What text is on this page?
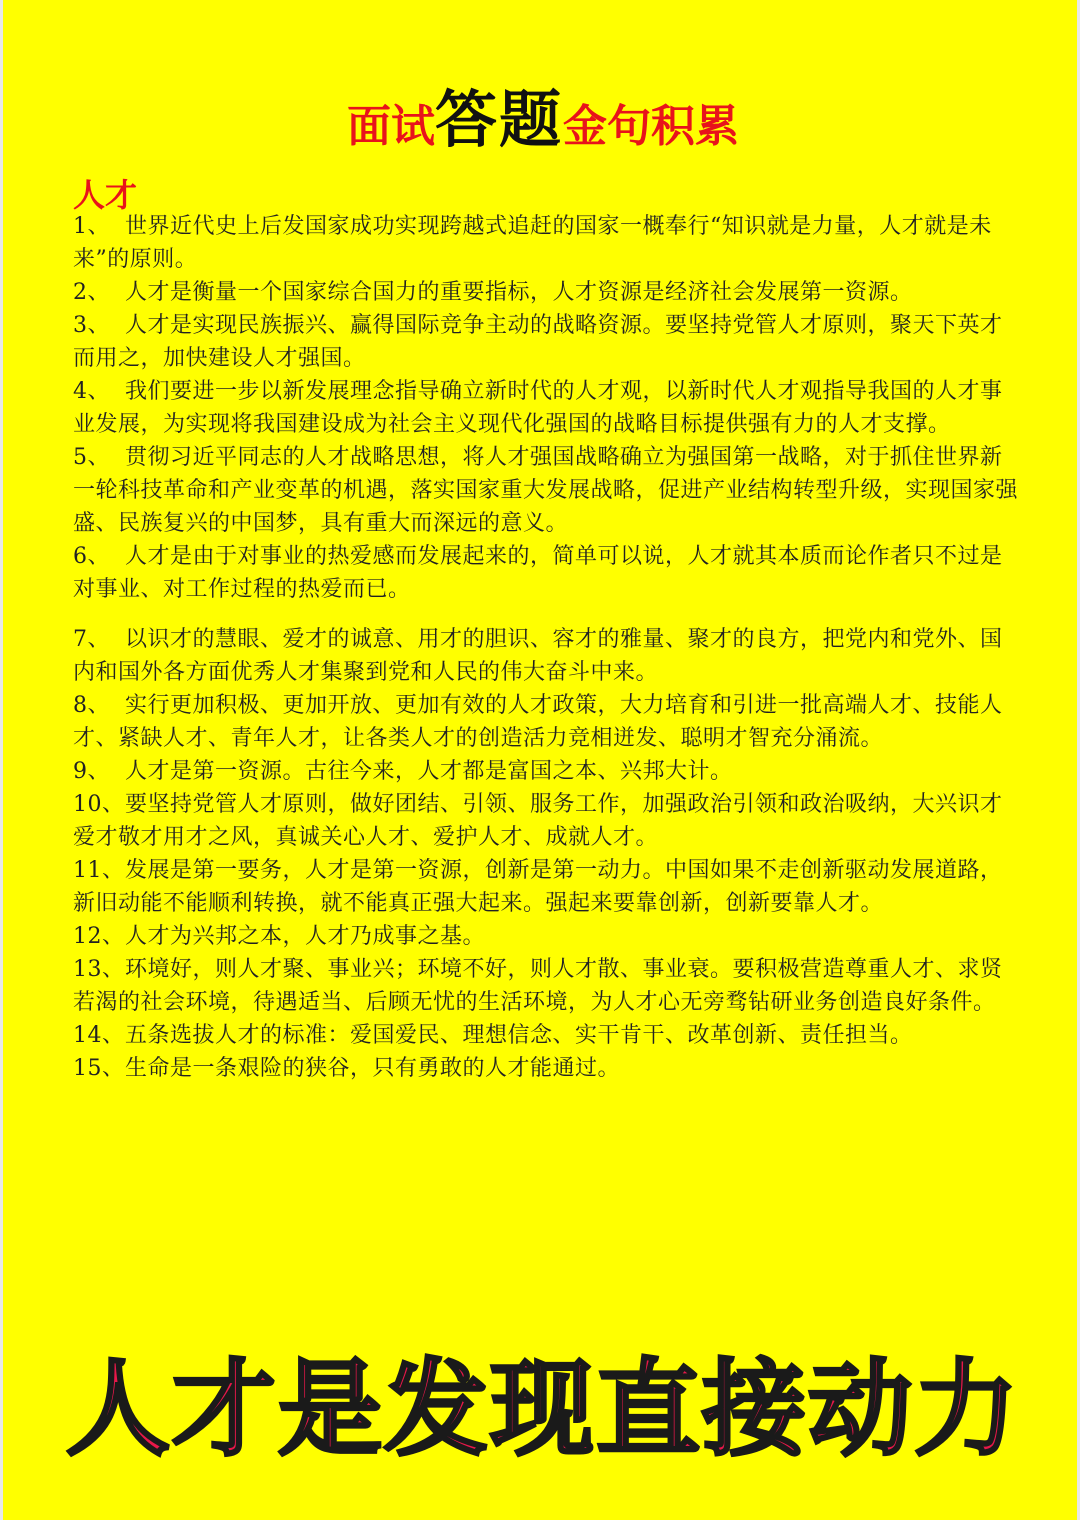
面试答题金句积累
人才

1、 世界近代史上后发国家成功实现跨越式追赶的国家一概奉行“知识就是力量，人才就是未来”的原则。

2、 人才是衡量一个国家综合国力的重要指标，人才资源是经济社会发展第一资源。

3、 人才是实现民族振兴、赢得国际竞争主动的战略资源。要坚持党管人才原则，聚天下英才而用之，加快建设人才强国。

4、 我们要进一步以新发展理念指导确立新时代的人才观，以新时代人才观指导我国的人才事业发展，为实现将我国建设成为社会主义现代化强国的战略目标提供强有力的人才支撑。

5、 贯彻习近平同志的人才战略思想，将人才强国战略确立为强国第一战略，对于抓住世界新一轮科技革命和产业变革的机遇，落实国家重大发展战略，促进产业结构转型升级，实现国家强盛、民族复兴的中国梦，具有重大而深远的意义。

6、 人才是由于对事业的热爱感而发展起来的，简单可以说，人才就其本质而论作者只不过是对事业、对工作过程的热爱而已。

7、 以识才的慧眼、爱才的诚意、用才的胆识、容才的雅量、聚才的良方，把党内和党外、国内和国外各方面优秀人才集聚到党和人民的伟大奋斗中来。

8、 实行更加积极、更加开放、更加有效的人才政策，大力培育和引进一批高端人才、技能人才、紧缺人才、青年人才，让各类人才的创造活力竞相迸发、聪明才智充分涌流。

9、 人才是第一资源。古往今来，人才都是富国之本、兴邦大计。

10、要坚持党管人才原则，做好团结、引领、服务工作，加强政治引领和政治吸纳，大兴识才爱才敬才用才之风，真诚关心人才、爱护人才、成就人才。

11、发展是第一要务，人才是第一资源，创新是第一动力。中国如果不走创新驱动发展道路，新旧动能不能顺利转换，就不能真正强大起来。强起来要靠创新，创新要靠人才。

12、人才为兴邦之本，人才乃成事之基。

13、环境好，则人才聚、事业兴；环境不好，则人才散、事业衰。要积极营造尊重人才、求贤若渴的社会环境，待遇适当、后顾无忧的生活环境，为人才心无旁骛钻研业务创造良好条件。

14、五条选拔人才的标准：爱国爱民、理想信念、实干肯干、改革创新、责任担当。

15、生命是一条艰险的狭谷，只有勇敢的人才能通过。

人才是发现直接动力
